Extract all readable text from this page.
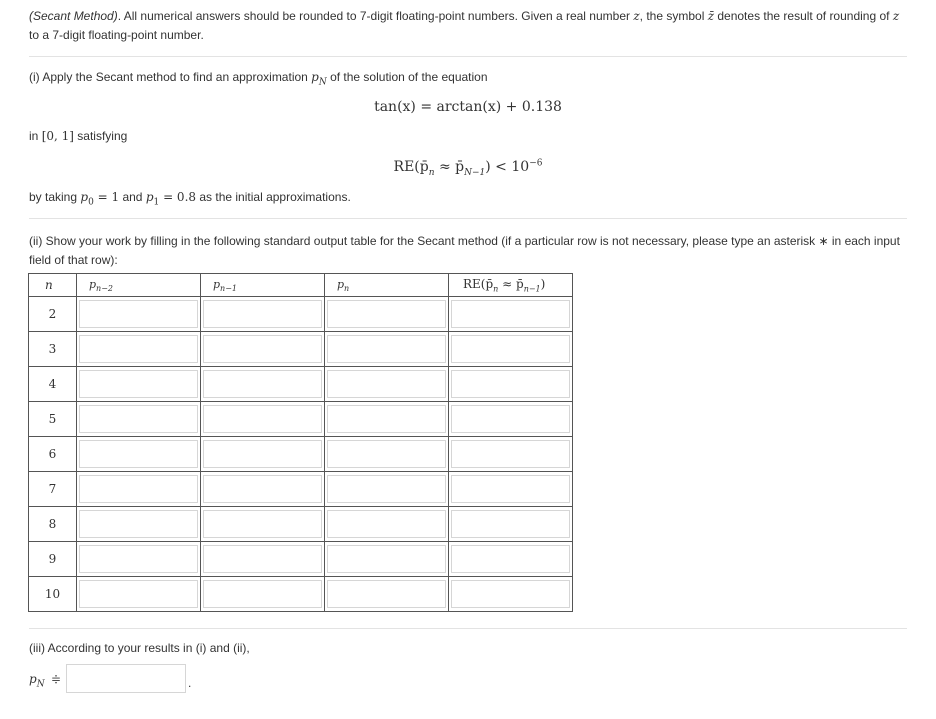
(Secant Method). All numerical answers should be rounded to 7-digit floating-point numbers. Given a real number z, the symbol z̄ denotes the result of rounding of z to a 7-digit floating-point number.
(i) Apply the Secant method to find an approximation $p_N$ of the solution of the equation
tan(x) = arctan(x) + 0.138
in [0, 1] satisfying
$RE(p̄_n$ ≈ $p̄_{N-1}) < 10^{-6}$
by taking $p_0 = 1$ and $p_1 = 0.8$ as the initial approximations.
(ii) Show your work by filling in the following standard output table for the Secant method (if a particular row is not necessary, please type an asterisk ∗ in each input field of that row):
n	$p_{n-2}$	$p_{n-1}$	$p_n$	$RE(p̄_n$ ≈ $p̄_{n-1}$)
2	

3	

4	

5	

6	

7	

8	

9	

10	

(iii) According to your results in (i) and (ii),
$p_N$ ≑	.
